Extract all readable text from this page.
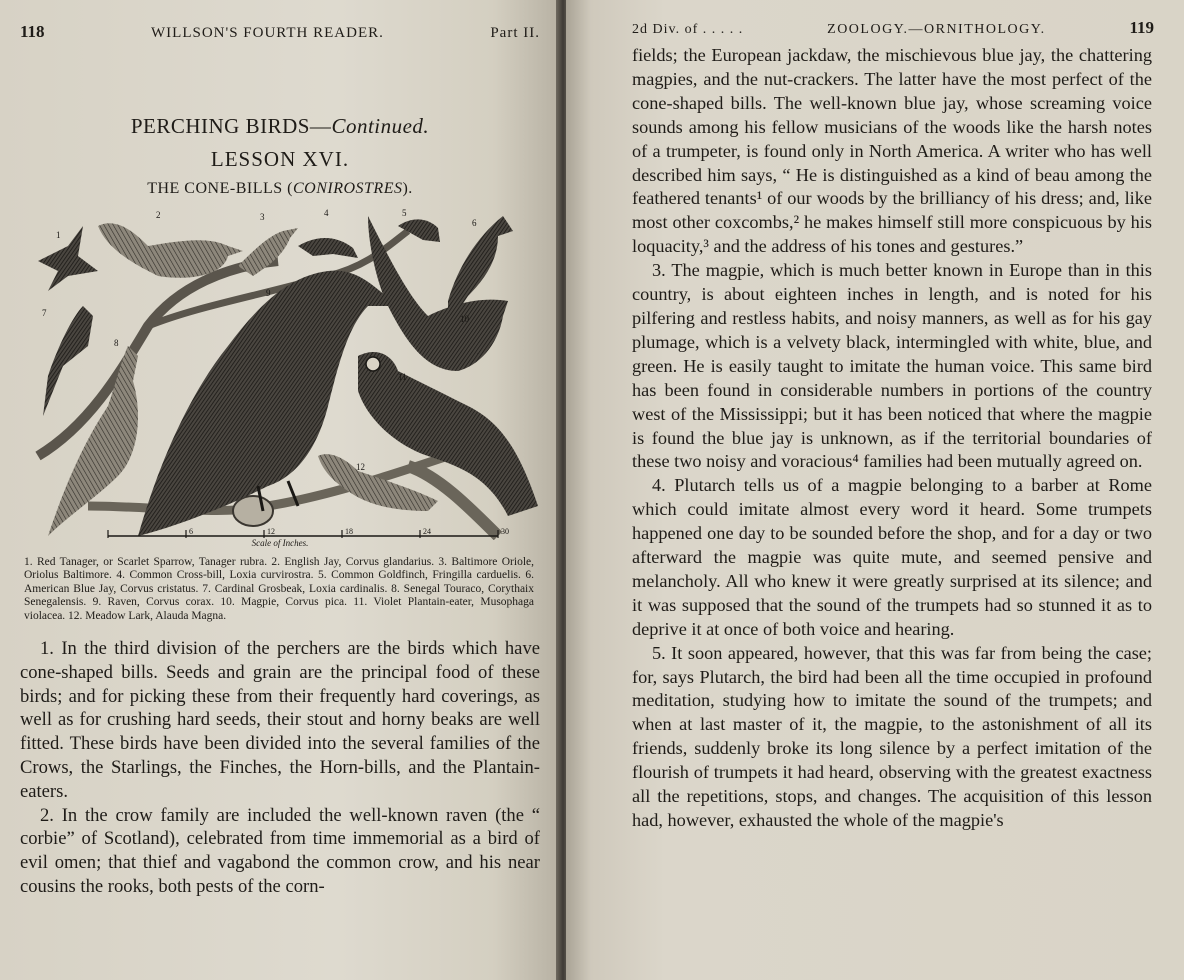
118	WILLSON'S FOURTH READER.	Part II.
PERCHING BIRDS—Continued.
LESSON XVI.
THE CONE-BILLS (CONIROSTRES).
1
2	3	4	5
6
7
8
9
10
11
12
6	12	18	24	30
Scale of Inches.
1. Red Tanager, or Scarlet Sparrow, Tanager rubra. 2. English Jay, Corvus glandarius. 3. Baltimore Oriole, Oriolus Baltimore. 4. Common Cross-bill, Loxia curvirostra. 5. Common Goldfinch, Fringilla carduelis. 6. American Blue Jay, Corvus cristatus. 7. Cardinal Grosbeak, Loxia cardinalis. 8. Senegal Touraco, Corythaix Senegalensis. 9. Raven, Corvus corax. 10. Magpie, Corvus pica. 11. Violet Plantain-eater, Musophaga violacea. 12. Meadow Lark, Alauda Magna.

1. In the third division of the perchers are the birds which have cone-shaped bills. Seeds and grain are the principal food of these birds; and for picking these from their frequently hard coverings, as well as for crushing hard seeds, their stout and horny beaks are well fitted. These birds have been divided into the several families of the Crows, the Starlings, the Finches, the Horn-bills, and the Plantain-eaters.

2. In the crow family are included the well-known raven (the “ corbie” of Scotland), celebrated from time immemorial as a bird of evil omen; that thief and vagabond the common crow, and his near cousins the rooks, both pests of the corn-

2d Div. of . . . . .	ZOOLOGY.—ORNITHOLOGY.	119

fields; the European jackdaw, the mischievous blue jay, the chattering magpies, and the nut-crackers. The latter have the most perfect of the cone-shaped bills. The well-known blue jay, whose screaming voice sounds among his fellow musicians of the woods like the harsh notes of a trumpeter, is found only in North America. A writer who has well described him says, “ He is distinguished as a kind of beau among the feathered tenants¹ of our woods by the brilliancy of his dress; and, like most other coxcombs,² he makes himself still more conspicuous by his loquacity,³ and the address of his tones and gestures.”

3. The magpie, which is much better known in Europe than in this country, is about eighteen inches in length, and is noted for his pilfering and restless habits, and noisy manners, as well as for his gay plumage, which is a velvety black, intermingled with white, blue, and green. He is easily taught to imitate the human voice. This same bird has been found in considerable numbers in portions of the country west of the Mississippi; but it has been noticed that where the magpie is found the blue jay is unknown, as if the territorial boundaries of these two noisy and voracious⁴ families had been mutually agreed on.

4. Plutarch tells us of a magpie belonging to a barber at Rome which could imitate almost every word it heard. Some trumpets happened one day to be sounded before the shop, and for a day or two afterward the magpie was quite mute, and seemed pensive and melancholy. All who knew it were greatly surprised at its silence; and it was supposed that the sound of the trumpets had so stunned it as to deprive it at once of both voice and hearing.

5. It soon appeared, however, that this was far from being the case; for, says Plutarch, the bird had been all the time occupied in profound meditation, studying how to imitate the sound of the trumpets; and when at last master of it, the magpie, to the astonishment of all its friends, suddenly broke its long silence by a perfect imitation of the flourish of trumpets it had heard, observing with the greatest exactness all the repetitions, stops, and changes. The acquisition of this lesson had, however, exhausted the whole of the magpie's
